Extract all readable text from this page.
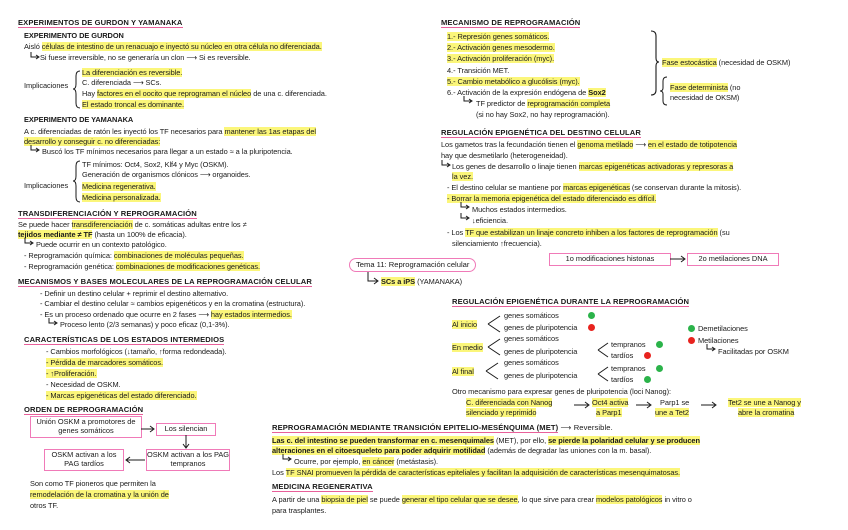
EXPERIMENTOS DE GURDON Y YAMANAKA
EXPERIMENTO DE GURDON
Aisló células de intestino de un renacuajo e inyectó su núcleo en otra célula no diferenciada.
Si fuese irreversible, no se generaría un clon ⟶ Si es reversible.
Implicaciones
La diferenciación es reversible.
C. diferenciada ⟶ SCs.
Hay factores en el oocito que reprograman el núcleo de una c. diferenciada.
El estado troncal es dominante.
EXPERIMENTO DE YAMANAKA
A c. diferenciadas de ratón les inyectó los TF necesarios para mantener las 1as etapas del
desarrollo y conseguir c. no diferenciadas:
Buscó los TF mínimos necesarios para llegar a un estado ≈ a la pluripotencia.
Implicaciones
TF mínimos: Oct4, Sox2, Klf4 y Myc (OSKM).
Generación de organismos clónicos ⟶ organoides.
Medicina regenerativa.
Medicina personalizada.
TRANSDIFERENCIACIÓN Y REPROGRAMACIÓN
Se puede hacer transdiferenciación de c. somáticas adultas entre los ≠
tejidos mediante ≠ TF (hasta un 100% de eficacia).
Puede ocurrir en un contexto patológico.
- Reprogramación química: combinaciones de moléculas pequeñas.
- Reprogramación genética: combinaciones de modificaciones genéticas.
MECANISMOS Y BASES MOLECULARES DE LA REPROGRAMACIÓN CELULAR
- Definir un destino celular + reprimir el destino alternativo.
- Cambiar el destino celular ≈ cambios epigenéticos y en la cromatina (estructura).
- Es un proceso ordenado que ocurre en 2 fases ⟶ hay estados intermedios.
Proceso lento (2/3 semanas) y poco eficaz (0,1-3%).
CARACTERÍSTICAS DE LOS ESTADOS INTERMEDIOS
- Cambios morfológicos (↓tamaño, ↑forma redondeada).
- Pérdida de marcadores somáticos.
- ↑Proliferación.
- Necesidad de OSKM.
- Marcas epigenéticas del estado diferenciado.
ORDEN DE REPROGRAMACIÓN
Unión OSKM a promotores de genes somáticos	Los silencian
OSKM activan a los PAG tempranos
OSKM activan a los PAG tardíos
Son como TF pioneros que permiten la
remodelación de la cromatina y la unión de
otros TF.
Tema 11: Reprogramación celular
SCs a iPS (YAMANAKA)
MECANISMO DE REPROGRAMACIÓN
1.- Represión genes somáticos.
2.- Activación genes mesodermo.
3.- Activación proliferación (myc).
4.- Transición MET.
5.- Cambio metabólico a glucólisis (myc).
6.- Activación de la expresión endógena de Sox2
TF predictor de reprogramación completa
(si no hay Sox2, no hay reprogramación).
Fase estocástica (necesidad de OSKM)
Fase determinista (no
necesidad de OKSM)
REGULACIÓN EPIGENÉTICA DEL DESTINO CELULAR
Los gametos tras la fecundación tienen el genoma metilado ⟶ en el estado de totipotencia
hay que desmetilarlo (heterogeneidad).
Los genes de desarrollo o linaje tienen marcas epigenéticas activadoras y represoras a
la vez.
- El destino celular se mantiene por marcas epigenéticas (se conservan durante la mitosis).
- Borrar la memoria epigenética del estado diferenciado es difícil.
Muchos estados intermedios.
↓eficiencia.
- Los TF que estabilizan un linaje concreto inhiben a los factores de reprogramación (su
silenciamiento ↑frecuencia).
1o modificaciones histonas	2o metilaciones DNA
REGULACIÓN EPIGENÉTICA DURANTE LA REPROGRAMACIÓN
Al inicio
genes somáticos
genes de pluripotencia
En medio
genes somáticos
genes de pluripotencia
tempranos
tardíos
Al final
genes somáticos
genes de pluripotencia
tempranos
tardíos
Demetilaciones
Metilaciones
Facilitadas por OSKM
Otro mecanismo para expresar genes de pluripotencia (loci Nanog):
C. diferenciada con Nanog
silenciado y reprimido
Oct4 activa
a Parp1
Parp1 se
une a Tet2
Tet2 se une a Nanog y
abre la cromatina
REPROGRAMACIÓN MEDIANTE TRANSICIÓN EPITELIO-MESÉNQUIMA (MET) ⟶ Reversible.
Las c. del intestino se pueden transformar en c. mesenquimales (MET), por ello, se pierde la polaridad celular y se producen
alteraciones en el citoesqueleto para poder adquirir motilidad (además de degradar las uniones con la m. basal).
Ocurre, por ejemplo, en cáncer (metástasis).
Los TF SNAI promueven la pérdida de características epiteliales y facilitan la adquisición de características mesenquimatosas.
MEDICINA REGENERATIVA
A partir de una biopsia de piel se puede generar el tipo celular que se desee, lo que sirve para crear modelos patológicos in vitro o
para trasplantes.
